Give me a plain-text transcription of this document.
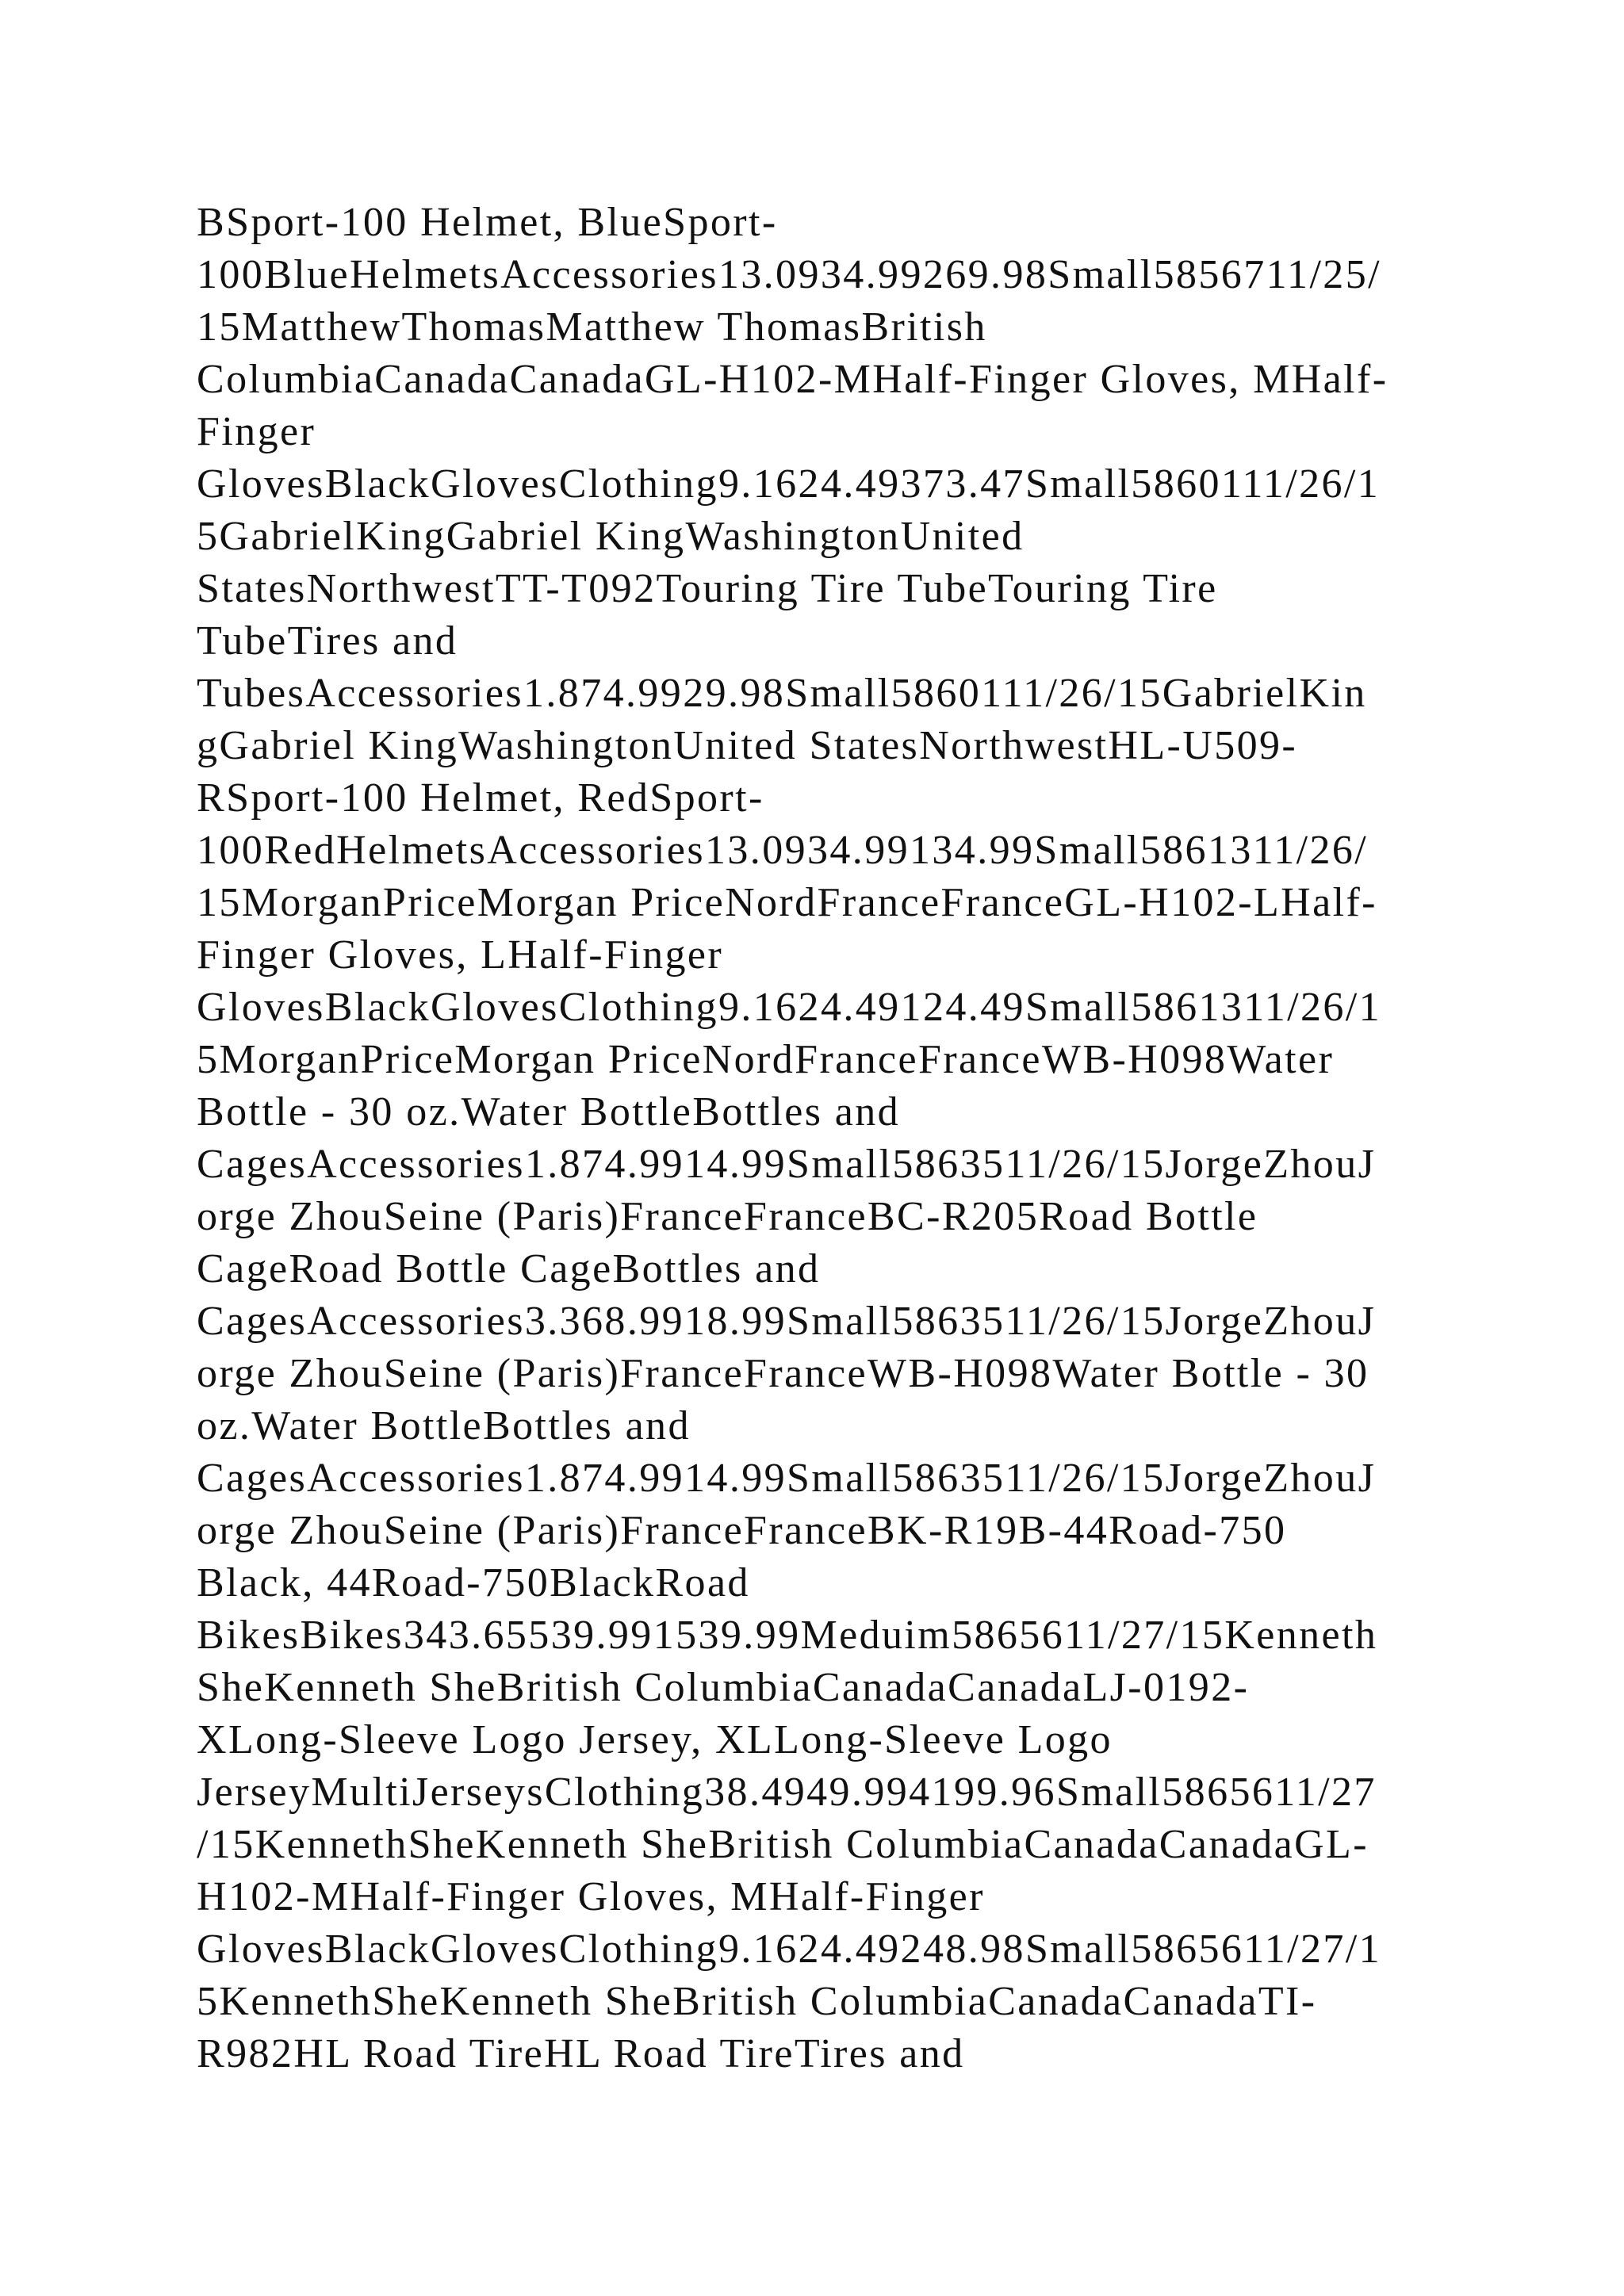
BSport-100 Helmet, BlueSport-

100BlueHelmetsAccessories13.0934.99269.98Small5856711/25/

15MatthewThomasMatthew ThomasBritish

ColumbiaCanadaCanadaGL-H102-MHalf-Finger Gloves, MHalf-

Finger

GlovesBlackGlovesClothing9.1624.49373.47Small5860111/26/1

5GabrielKingGabriel KingWashingtonUnited

StatesNorthwestTT-T092Touring Tire TubeTouring Tire

TubeTires and

TubesAccessories1.874.9929.98Small5860111/26/15GabrielKin

gGabriel KingWashingtonUnited StatesNorthwestHL-U509-

RSport-100 Helmet, RedSport-

100RedHelmetsAccessories13.0934.99134.99Small5861311/26/

15MorganPriceMorgan PriceNordFranceFranceGL-H102-LHalf-

Finger Gloves, LHalf-Finger

GlovesBlackGlovesClothing9.1624.49124.49Small5861311/26/1

5MorganPriceMorgan PriceNordFranceFranceWB-H098Water

Bottle - 30 oz.Water BottleBottles and

CagesAccessories1.874.9914.99Small5863511/26/15JorgeZhouJ

orge ZhouSeine (Paris)FranceFranceBC-R205Road Bottle

CageRoad Bottle CageBottles and

CagesAccessories3.368.9918.99Small5863511/26/15JorgeZhouJ

orge ZhouSeine (Paris)FranceFranceWB-H098Water Bottle - 30

oz.Water BottleBottles and

CagesAccessories1.874.9914.99Small5863511/26/15JorgeZhouJ

orge ZhouSeine (Paris)FranceFranceBK-R19B-44Road-750

Black, 44Road-750BlackRoad

BikesBikes343.65539.991539.99Meduim5865611/27/15Kenneth

SheKenneth SheBritish ColumbiaCanadaCanadaLJ-0192-

XLong-Sleeve Logo Jersey, XLLong-Sleeve Logo

JerseyMultiJerseysClothing38.4949.994199.96Small5865611/27

/15KennethSheKenneth SheBritish ColumbiaCanadaCanadaGL-

H102-MHalf-Finger Gloves, MHalf-Finger

GlovesBlackGlovesClothing9.1624.49248.98Small5865611/27/1

5KennethSheKenneth SheBritish ColumbiaCanadaCanadaTI-

R982HL Road TireHL Road TireTires and
